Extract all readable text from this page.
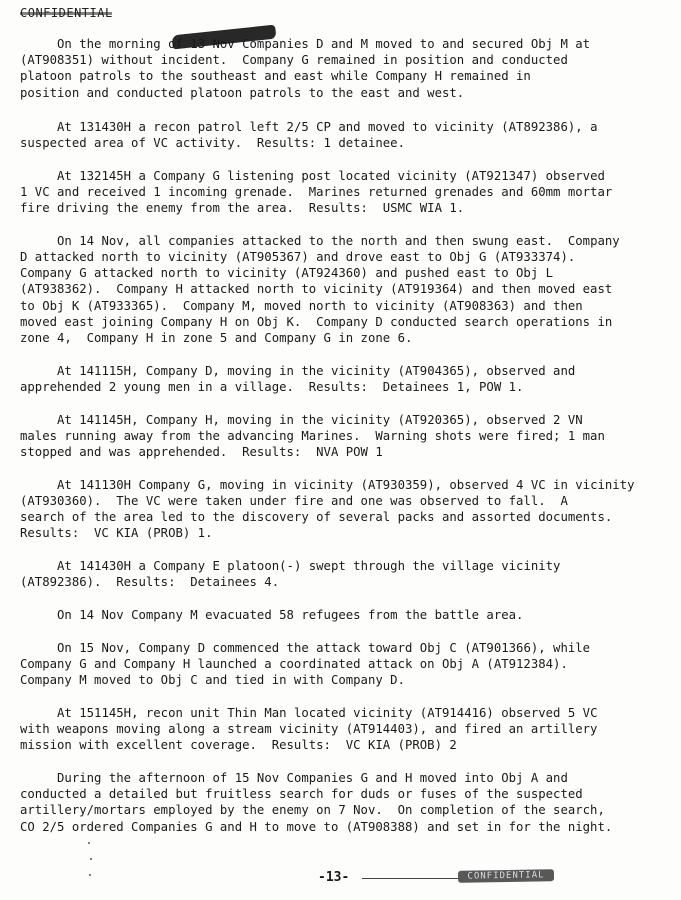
On the morning of 13 Nov Companies D and M moved to and secured Obj M at
(AT908351) without incident.  Company G remained in position and conducted
platoon patrols to the southeast and east while Company H remained in
position and conducted platoon patrols to the east and west.

At 131430H a recon patrol left 2/5 CP and moved to vicinity (AT892386), a
suspected area of VC activity.  Results: 1 detainee.

At 132145H a Company G listening post located vicinity (AT921347) observed
1 VC and received 1 incoming grenade.  Marines returned grenades and 60mm mortar
fire driving the enemy from the area.  Results:  USMC WIA 1.

On 14 Nov, all companies attacked to the north and then swung east.  Company
D attacked north to vicinity (AT905367) and drove east to Obj G (AT933374).
Company G attacked north to vicinity (AT924360) and pushed east to Obj L
(AT938362).  Company H attacked north to vicinity (AT919364) and then moved east
to Obj K (AT933365).  Company M, moved north to vicinity (AT908363) and then
moved east joining Company H on Obj K.  Company D conducted search operations in
zone 4,  Company H in zone 5 and Company G in zone 6.

At 141115H, Company D, moving in the vicinity (AT904365), observed and
apprehended 2 young men in a village.  Results:  Detainees 1, POW 1.

At 141145H, Company H, moving in the vicinity (AT920365), observed 2 VN
males running away from the advancing Marines.  Warning shots were fired; 1 man
stopped and was apprehended.  Results:  NVA POW 1

At 141130H Company G, moving in vicinity (AT930359), observed 4 VC in vicinity
(AT930360).  The VC were taken under fire and one was observed to fall.  A
search of the area led to the discovery of several packs and assorted documents.
Results:  VC KIA (PROB) 1.

At 141430H a Company E platoon(-) swept through the village vicinity
(AT892386).  Results:  Detainees 4.

On 14 Nov Company M evacuated 58 refugees from the battle area.

On 15 Nov, Company D commenced the attack toward Obj C (AT901366), while
Company G and Company H launched a coordinated attack on Obj A (AT912384).
Company M moved to Obj C and tied in with Company D.

At 151145H, recon unit Thin Man located vicinity (AT914416) observed 5 VC
with weapons moving along a stream vicinity (AT914403), and fired an artillery
mission with excellent coverage.  Results:  VC KIA (PROB) 2

During the afternoon of 15 Nov Companies G and H moved into Obj A and
conducted a detailed but fruitless search for duds or fuses of the suspected
artillery/mortars employed by the enemy on 7 Nov.  On completion of the search,
CO 2/5 ordered Companies G and H to move to (AT908388) and set in for the night.

-13-	CONFIDENTIAL
